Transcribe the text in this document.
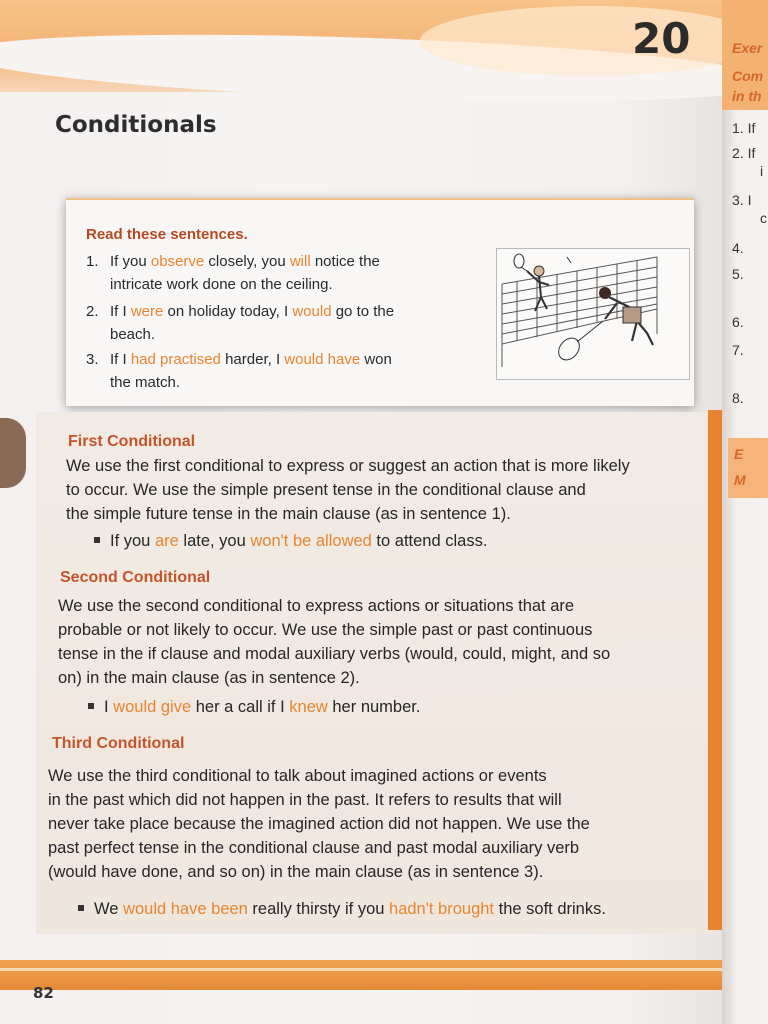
20
Conditionals
Read these sentences.
1. If you observe closely, you will notice the
intricate work done on the ceiling.
2. If I were on holiday today, I would go to the
beach.
3. If I had practised harder, I would have won
the match.
First Conditional
We use the first conditional to express or suggest an action that is more likely
to occur. We use the simple present tense in the conditional clause and
the simple future tense in the main clause (as in sentence 1).
If you are late, you won't be allowed to attend class.
Second Conditional
We use the second conditional to express actions or situations that are
probable or not likely to occur. We use the simple past or past continuous
tense in the if clause and modal auxiliary verbs (would, could, might, and so
on) in the main clause (as in sentence 2).
I would give her a call if I knew her number.
Third Conditional
We use the third conditional to talk about imagined actions or events
in the past which did not happen in the past. It refers to results that will
never take place because the imagined action did not happen. We use the
past perfect tense in the conditional clause and past modal auxiliary verb
(would have done, and so on) in the main clause (as in sentence 3).
We would have been really thirsty if you hadn't brought the soft drinks.
82
Exer
Com
in th
1. If
2. If
i
3. I
c
4.
5.
6.
7.
8.
E
M
